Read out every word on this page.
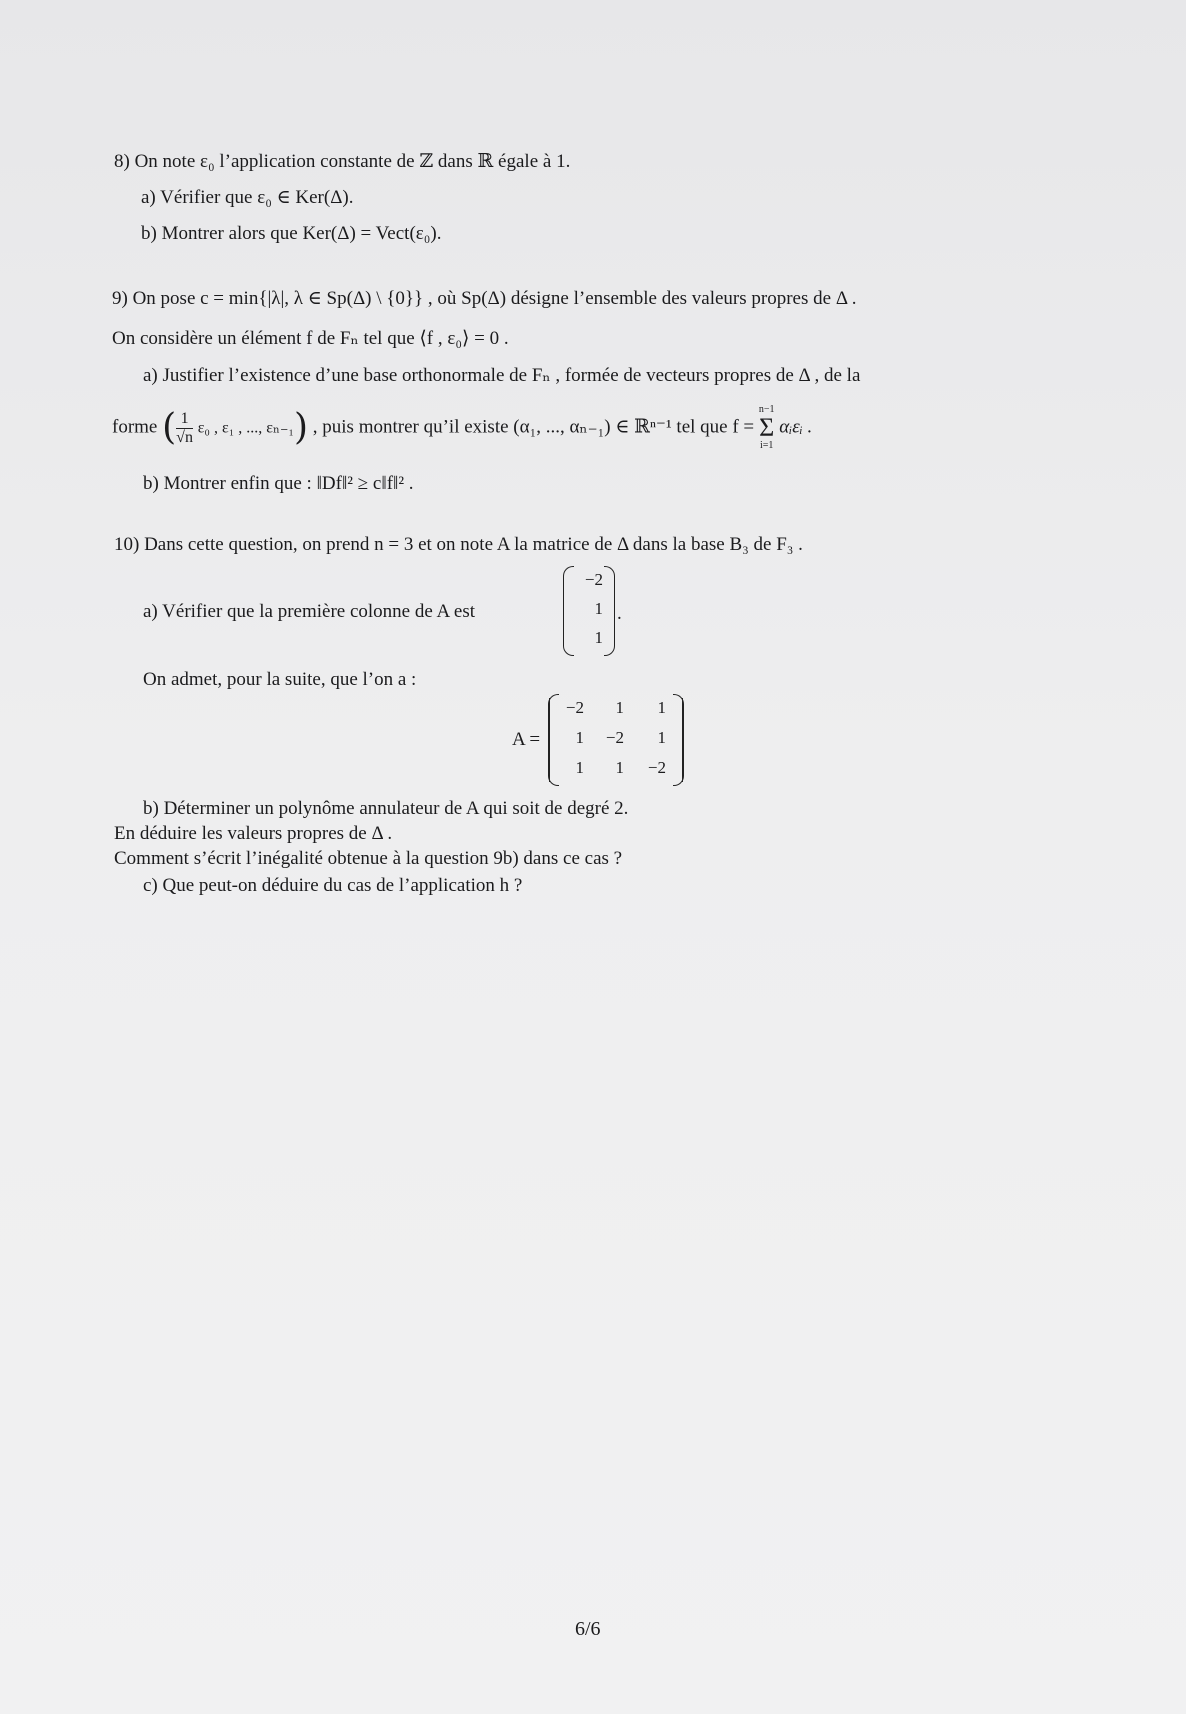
8) On note ε₀ l’application constante de ℤ dans ℝ égale à 1.
a) Vérifier que ε₀ ∈ Ker(Δ).
b) Montrer alors que Ker(Δ) = Vect(ε₀).
9) On pose c = min{|λ|, λ ∈ Sp(Δ) \ {0}} , où Sp(Δ) désigne l’ensemble des valeurs propres de Δ .
On considère un élément f de Fₙ tel que ⟨f , ε₀⟩ = 0 .
a) Justifier l’existence d’une base orthonormale de Fₙ , formée de vecteurs propres de Δ , de la
forme ( $\frac{1}{√n} \varepsilon_0$ , ε₁ , ..., εₙ₋₁) , puis montrer qu’il existe (α₁, ..., αₙ₋₁) ∈ ℝⁿ⁻¹ tel que f =
n−1
Σ
i=1
αᵢεᵢ .
b) Montrer enfin que : ‖Df‖² ≥ c‖f‖² .
10) Dans cette question, on prend n = 3 et on note A la matrice de Δ dans la base B₃ de F₃ .
a) Vérifier que la première colonne de A est
−2
1
1
.
On admet, pour la suite, que l’on a :
A =
−2	1	1
1	−2	1
1	1	−2
b) Déterminer un polynôme annulateur de A qui soit de degré 2.
En déduire les valeurs propres de Δ .
Comment s’écrit l’inégalité obtenue à la question 9b) dans ce cas ?
c) Que peut-on déduire du cas de l’application h ?
6/6
